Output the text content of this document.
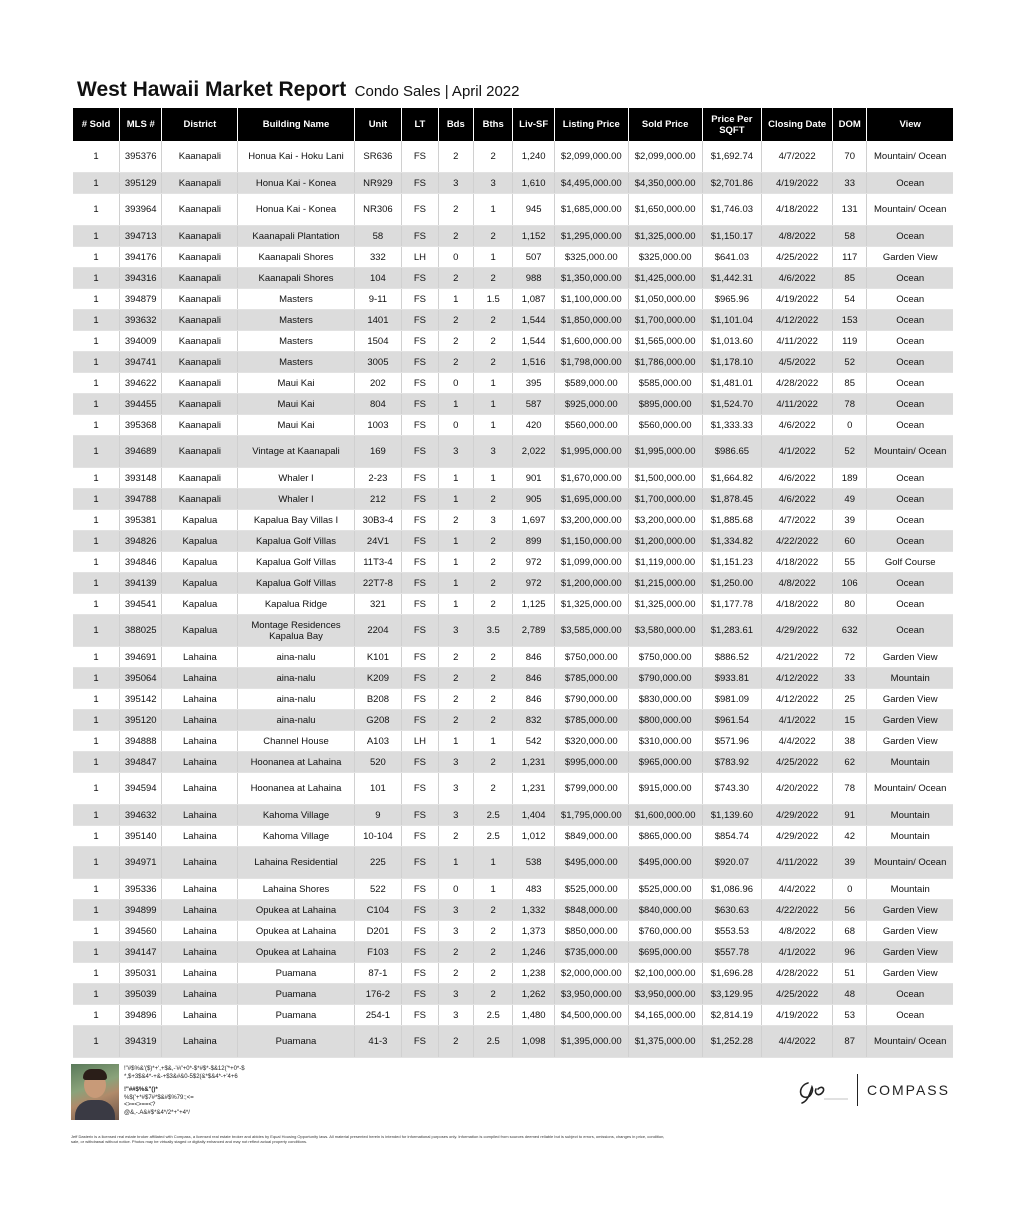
West Hawaii Market Report Condo Sales | April 2022
# Sold	MLS #	District	Building Name	Unit	LT	Bds	Bths	Liv-SF	Listing Price	Sold Price	Price Per SQFT	Closing Date	DOM	View
1	395376	Kaanapali	Honua Kai - Hoku Lani	SR636	FS	2	2	1,240	$2,099,000.00	$2,099,000.00	$1,692.74	4/7/2022	70	Mountain/ Ocean
1	395129	Kaanapali	Honua Kai - Konea	NR929	FS	3	3	1,610	$4,495,000.00	$4,350,000.00	$2,701.86	4/19/2022	33	Ocean
1	393964	Kaanapali	Honua Kai - Konea	NR306	FS	2	1	945	$1,685,000.00	$1,650,000.00	$1,746.03	4/18/2022	131	Mountain/ Ocean
1	394713	Kaanapali	Kaanapali Plantation	58	FS	2	2	1,152	$1,295,000.00	$1,325,000.00	$1,150.17	4/8/2022	58	Ocean
1	394176	Kaanapali	Kaanapali Shores	332	LH	0	1	507	$325,000.00	$325,000.00	$641.03	4/25/2022	117	Garden View
1	394316	Kaanapali	Kaanapali Shores	104	FS	2	2	988	$1,350,000.00	$1,425,000.00	$1,442.31	4/6/2022	85	Ocean
1	394879	Kaanapali	Masters	9-11	FS	1	1.5	1,087	$1,100,000.00	$1,050,000.00	$965.96	4/19/2022	54	Ocean
1	393632	Kaanapali	Masters	1401	FS	2	2	1,544	$1,850,000.00	$1,700,000.00	$1,101.04	4/12/2022	153	Ocean
1	394009	Kaanapali	Masters	1504	FS	2	2	1,544	$1,600,000.00	$1,565,000.00	$1,013.60	4/11/2022	119	Ocean
1	394741	Kaanapali	Masters	3005	FS	2	2	1,516	$1,798,000.00	$1,786,000.00	$1,178.10	4/5/2022	52	Ocean
1	394622	Kaanapali	Maui Kai	202	FS	0	1	395	$589,000.00	$585,000.00	$1,481.01	4/28/2022	85	Ocean
1	394455	Kaanapali	Maui Kai	804	FS	1	1	587	$925,000.00	$895,000.00	$1,524.70	4/11/2022	78	Ocean
1	395368	Kaanapali	Maui Kai	1003	FS	0	1	420	$560,000.00	$560,000.00	$1,333.33	4/6/2022	0	Ocean
1	394689	Kaanapali	Vintage at Kaanapali	169	FS	3	3	2,022	$1,995,000.00	$1,995,000.00	$986.65	4/1/2022	52	Mountain/ Ocean
1	393148	Kaanapali	Whaler I	2-23	FS	1	1	901	$1,670,000.00	$1,500,000.00	$1,664.82	4/6/2022	189	Ocean
1	394788	Kaanapali	Whaler I	212	FS	1	2	905	$1,695,000.00	$1,700,000.00	$1,878.45	4/6/2022	49	Ocean
1	395381	Kapalua	Kapalua Bay Villas I	30B3-4	FS	2	3	1,697	$3,200,000.00	$3,200,000.00	$1,885.68	4/7/2022	39	Ocean
1	394826	Kapalua	Kapalua Golf Villas	24V1	FS	1	2	899	$1,150,000.00	$1,200,000.00	$1,334.82	4/22/2022	60	Ocean
1	394846	Kapalua	Kapalua Golf Villas	11T3-4	FS	1	2	972	$1,099,000.00	$1,119,000.00	$1,151.23	4/18/2022	55	Golf Course
1	394139	Kapalua	Kapalua Golf Villas	22T7-8	FS	1	2	972	$1,200,000.00	$1,215,000.00	$1,250.00	4/8/2022	106	Ocean
1	394541	Kapalua	Kapalua Ridge	321	FS	1	2	1,125	$1,325,000.00	$1,325,000.00	$1,177.78	4/18/2022	80	Ocean
1	388025	Kapalua	Montage Residences Kapalua Bay	2204	FS	3	3.5	2,789	$3,585,000.00	$3,580,000.00	$1,283.61	4/29/2022	632	Ocean
1	394691	Lahaina	aina-nalu	K101	FS	2	2	846	$750,000.00	$750,000.00	$886.52	4/21/2022	72	Garden View
1	395064	Lahaina	aina-nalu	K209	FS	2	2	846	$785,000.00	$790,000.00	$933.81	4/12/2022	33	Mountain
1	395142	Lahaina	aina-nalu	B208	FS	2	2	846	$790,000.00	$830,000.00	$981.09	4/12/2022	25	Garden View
1	395120	Lahaina	aina-nalu	G208	FS	2	2	832	$785,000.00	$800,000.00	$961.54	4/1/2022	15	Garden View
1	394888	Lahaina	Channel House	A103	LH	1	1	542	$320,000.00	$310,000.00	$571.96	4/4/2022	38	Garden View
1	394847	Lahaina	Hoonanea at Lahaina	520	FS	3	2	1,231	$995,000.00	$965,000.00	$783.92	4/25/2022	62	Mountain
1	394594	Lahaina	Hoonanea at Lahaina	101	FS	3	2	1,231	$799,000.00	$915,000.00	$743.30	4/20/2022	78	Mountain/ Ocean
1	394632	Lahaina	Kahoma Village	9	FS	3	2.5	1,404	$1,795,000.00	$1,600,000.00	$1,139.60	4/29/2022	91	Mountain
1	395140	Lahaina	Kahoma Village	10-104	FS	2	2.5	1,012	$849,000.00	$865,000.00	$854.74	4/29/2022	42	Mountain
1	394971	Lahaina	Lahaina Residential	225	FS	1	1	538	$495,000.00	$495,000.00	$920.07	4/11/2022	39	Mountain/ Ocean
1	395336	Lahaina	Lahaina Shores	522	FS	0	1	483	$525,000.00	$525,000.00	$1,086.96	4/4/2022	0	Mountain
1	394899	Lahaina	Opukea at Lahaina	C104	FS	3	2	1,332	$848,000.00	$840,000.00	$630.63	4/22/2022	56	Garden View
1	394560	Lahaina	Opukea at Lahaina	D201	FS	3	2	1,373	$850,000.00	$760,000.00	$553.53	4/8/2022	68	Garden View
1	394147	Lahaina	Opukea at Lahaina	F103	FS	2	2	1,246	$735,000.00	$695,000.00	$557.78	4/1/2022	96	Garden View
1	395031	Lahaina	Puamana	87-1	FS	2	2	1,238	$2,000,000.00	$2,100,000.00	$1,696.28	4/28/2022	51	Garden View
1	395039	Lahaina	Puamana	176-2	FS	3	2	1,262	$3,950,000.00	$3,950,000.00	$3,129.95	4/25/2022	48	Ocean
1	394896	Lahaina	Puamana	254-1	FS	3	2.5	1,480	$4,500,000.00	$4,165,000.00	$2,814.19	4/19/2022	53	Ocean
1	394319	Lahaina	Puamana	41-3	FS	2	2.5	1,098	$1,395,000.00	$1,375,000.00	$1,252.28	4/4/2022	87	Mountain/ Ocean
!"#$%&'($)*+',+$&,-'#/'+0*-$*#$*-$&12('*+0*-$
*,$+3$&4*-+&-+$3&#&0-5$2(&*$&4*-+'4+6
!"##$%&"()*
%$('+*#$7#*$&#$%79:;<=
<>=<>==<?
@&,-.A&#$*&4*/2*+"+4*/
Jeff Dasterix is a licensed real estate broker affiliated with Compass, a licensed real estate broker and abides by Equal Housing Opportunity laws. All material presented herein is intended for informational purposes only. Information is compiled from sources deemed reliable but is subject to errors, omissions, changes in price, condition, sale, or withdrawal without notice. Photos may be virtually staged or digitally enhanced and may not reflect actual property conditions.
COMPASS
